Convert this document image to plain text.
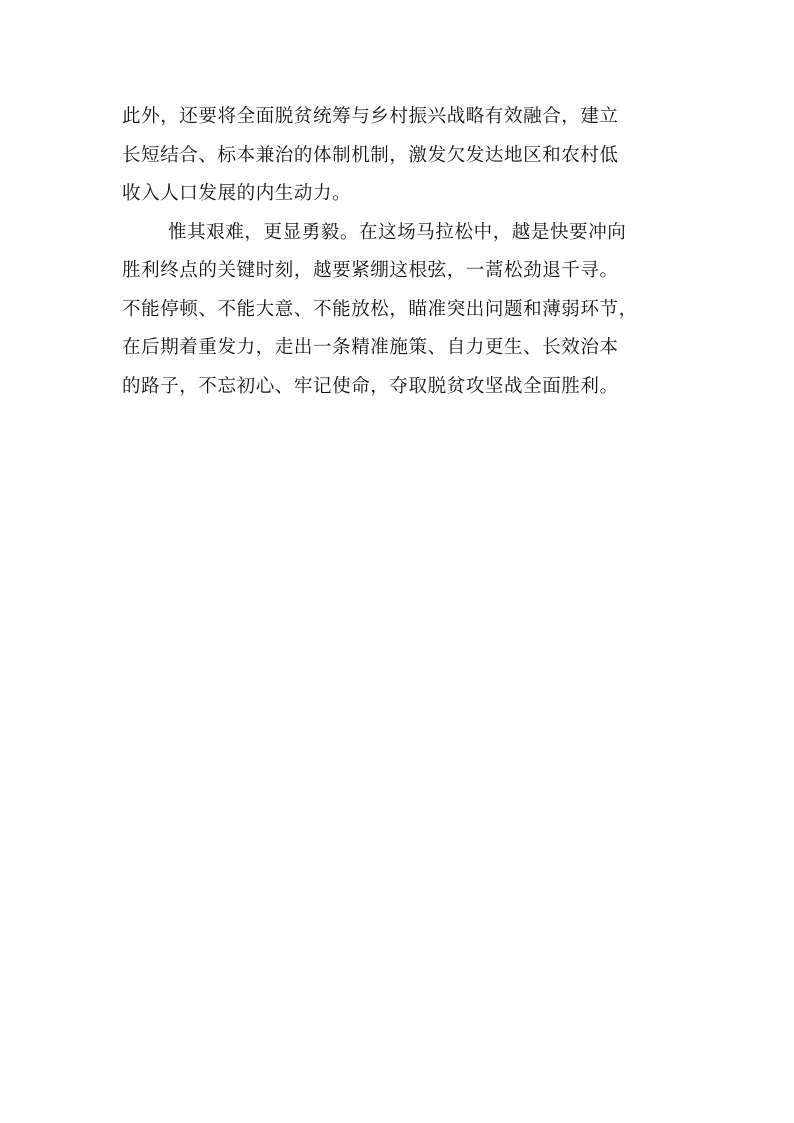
此外，还要将全面脱贫统筹与乡村振兴战略有效融合，建立
长短结合、标本兼治的体制机制，激发欠发达地区和农村低
收入人口发展的内生动力。
惟其艰难，更显勇毅。在这场马拉松中，越是快要冲向
胜利终点的关键时刻，越要紧绷这根弦，一蒿松劲退千寻。
不能停顿、不能大意、不能放松，瞄准突出问题和薄弱环节，
在后期着重发力，走出一条精准施策、自力更生、长效治本
的路子，不忘初心、牢记使命，夺取脱贫攻坚战全面胜利。
